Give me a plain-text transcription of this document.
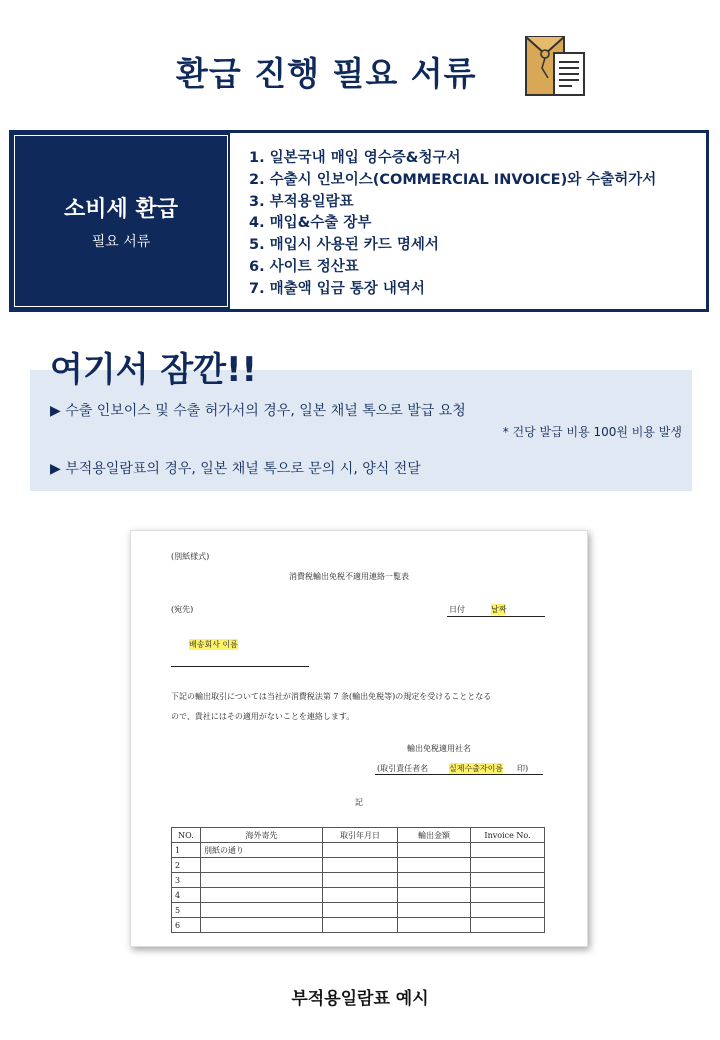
환급 진행 필요 서류
소비세 환급
필요 서류
1. 일본국내 매입 영수증&청구서
2. 수출시 인보이스(COMMERCIAL INVOICE)와 수출허가서
3. 부적용일람표
4. 매입&수출 장부
5. 매입시 사용된 카드 명세서
6. 사이트 정산표
7. 매출액 입금 통장 내역서
여기서 잠깐!!
▶ 수출 인보이스 및 수출 허가서의 경우, 일본 채널 톡으로 발급 요청
* 건당 발급 비용 100원 비용 발생
▶ 부적용일람표의 경우, 일본 채널 톡으로 문의 시, 양식 전달
(別紙様式)
消費税輸出免税不適用連絡一覧表
(宛先)	日付	날짜
배송회사 이름
下記の輸出取引については当社が消費税法第 7 条(輸出免税等)の規定を受けることとなる
ので、貴社にはその適用がないことを連絡します。
輸出免税適用社名
(取引責任者名	실제수출자이름 印)
記
NO.	海外寄先	取引年月日	輸出金額	Invoice No.
1	別紙の通り			
2				
3				
4				
5				
6				
부적용일람표 예시
